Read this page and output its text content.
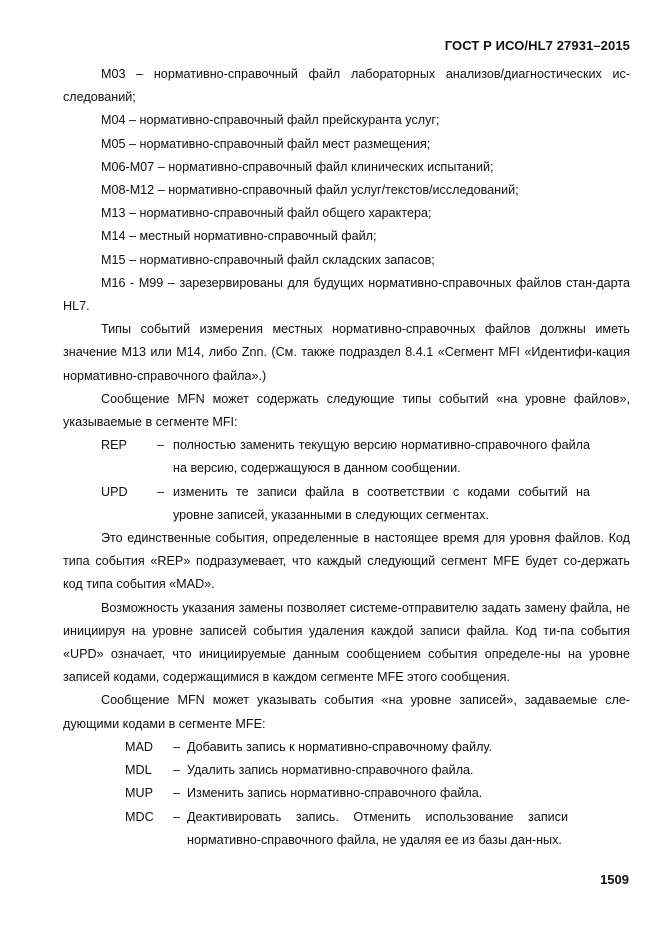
ГОСТ Р ИСО/HL7 27931–2015

M03 – нормативно-справочный файл лабораторных анализов/диагностических ис-следований;

M04 – нормативно-справочный файл прейскуранта услуг;

M05 – нормативно-справочный файл мест размещения;

M06-M07 – нормативно-справочный файл клинических испытаний;

M08-M12 – нормативно-справочный файл услуг/текстов/исследований;

M13 – нормативно-справочный файл общего характера;

M14 – местный нормативно-справочный файл;

M15 – нормативно-справочный файл складских запасов;

M16 - M99 – зарезервированы для будущих нормативно-справочных файлов стан-дарта HL7.

Типы событий измерения местных нормативно-справочных файлов должны иметь значение M13 или M14, либо Znn. (См. также подраздел 8.4.1 «Сегмент MFI «Идентифи-кация нормативно-справочного файла».)

Сообщение MFN может содержать следующие типы событий «на уровне файлов», указываемые в сегменте MFI:

REP	– полностью заменить текущую версию нормативно-справочного файла на версию, содержащуюся в данном сообщении.
UPD	– изменить те записи файла в соответствии с кодами событий на уровне записей, указанными в следующих сегментах.

Это единственные события, определенные в настоящее время для уровня файлов. Код типа события «REP» подразумевает, что каждый следующий сегмент MFE будет со-держать код типа события «MAD».

Возможность указания замены позволяет системе-отправителю задать замену файла, не инициируя на уровне записей события удаления каждой записи файла. Код ти-па события «UPD» означает, что инициируемые данным сообщением события определе-ны на уровне записей кодами, содержащимися в каждом сегменте MFE этого сообщения.

Сообщение MFN может указывать события «на уровне записей», задаваемые сле-дующими кодами в сегменте MFE:

MAD	– Добавить запись к нормативно-справочному файлу.
MDL	– Удалить запись нормативно-справочного файла.
MUP	– Изменить запись нормативно-справочного файла.
MDC	– Деактивировать запись. Отменить использование записи нормативно-справочного файла, не удаляя ее из базы дан-ных.
1509
